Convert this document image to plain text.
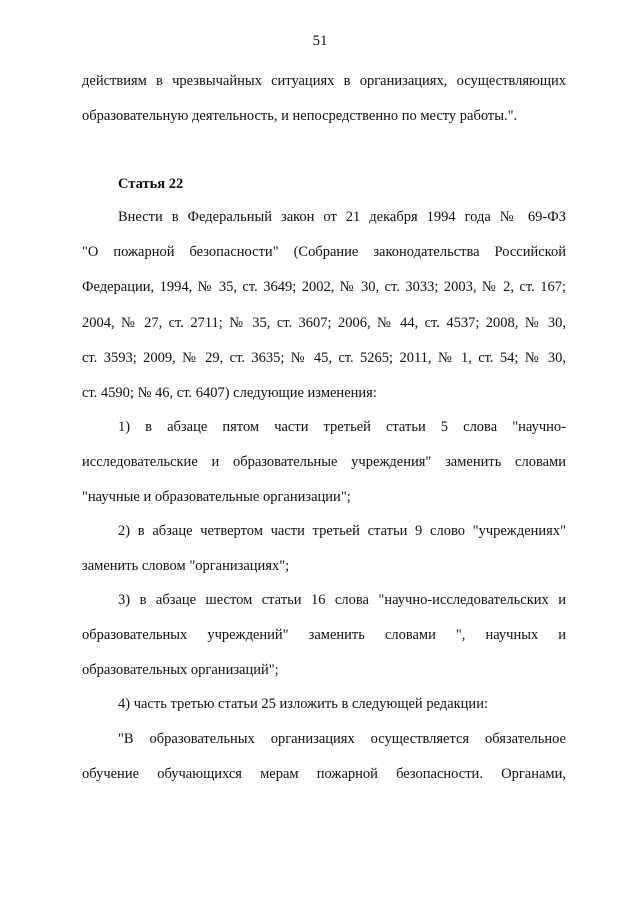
51
действиям в чрезвычайных ситуациях в организациях, осуществляющих
образовательную деятельность, и непосредственно по месту работы.".
Статья 22
Внести в Федеральный закон от 21 декабря 1994 года № 69-ФЗ
"О пожарной безопасности" (Собрание законодательства Российской
Федерации, 1994, № 35, ст. 3649; 2002, № 30, ст. 3033; 2003, № 2, ст. 167;
2004, № 27, ст. 2711; № 35, ст. 3607; 2006, № 44, ст. 4537; 2008, № 30,
ст. 3593; 2009, № 29, ст. 3635; № 45, ст. 5265; 2011, № 1, ст. 54; № 30,
ст. 4590; № 46, ст. 6407) следующие изменения:
1) в абзаце пятом части третьей статьи 5 слова "научно-
исследовательские и образовательные учреждения" заменить словами
"научные и образовательные организации";
2) в абзаце четвертом части третьей статьи 9 слово "учреждениях"
заменить словом "организациях";
3) в абзаце шестом статьи 16 слова "научно-исследовательских и
образовательных учреждений" заменить словами ", научных и
образовательных организаций";
4) часть третью статьи 25 изложить в следующей редакции:
"В образовательных организациях осуществляется обязательное
обучение обучающихся мерам пожарной безопасности. Органами,
